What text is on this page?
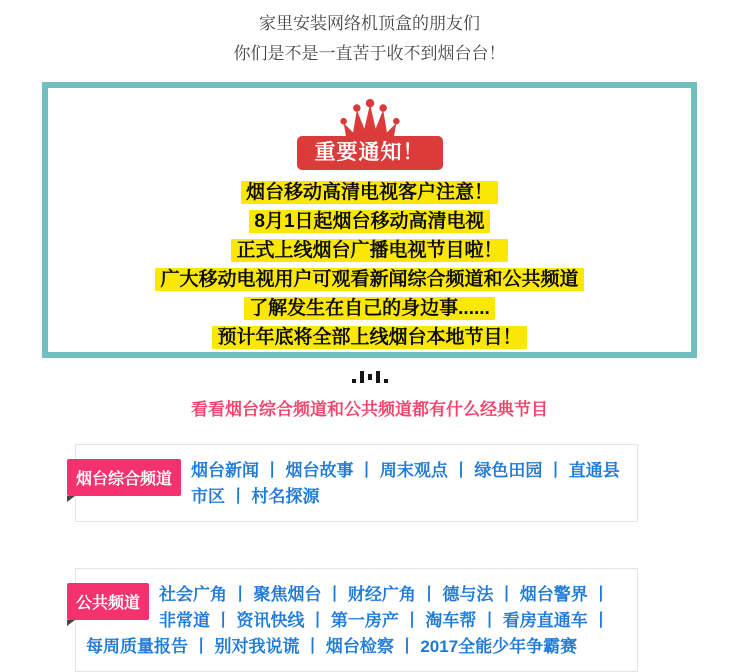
家里安装网络机顶盒的朋友们
你们是不是一直苦于收不到烟台台！
重要通知！
烟台移动高清电视客户注意！
8月1日起烟台移动高清电视
正式上线烟台广播电视节目啦！
广大移动电视用户可观看新闻综合频道和公共频道
了解发生在自己的身边事......
预计年底将全部上线烟台本地节目！
看看烟台综合频道和公共频道都有什么经典节目
烟台综合频道	烟台新闻 丨 烟台故事 丨 周末观点 丨 绿色田园 丨 直通县市区 丨 村名探源
公共频道	社会广角 丨 聚焦烟台 丨 财经广角 丨 德与法 丨 烟台警界 丨 非常道 丨 资讯快线 丨 第一房产 丨 淘车帮 丨 看房直通车 丨 每周质量报告 丨 别对我说谎 丨 烟台检察 丨 2017全能少年争霸赛
